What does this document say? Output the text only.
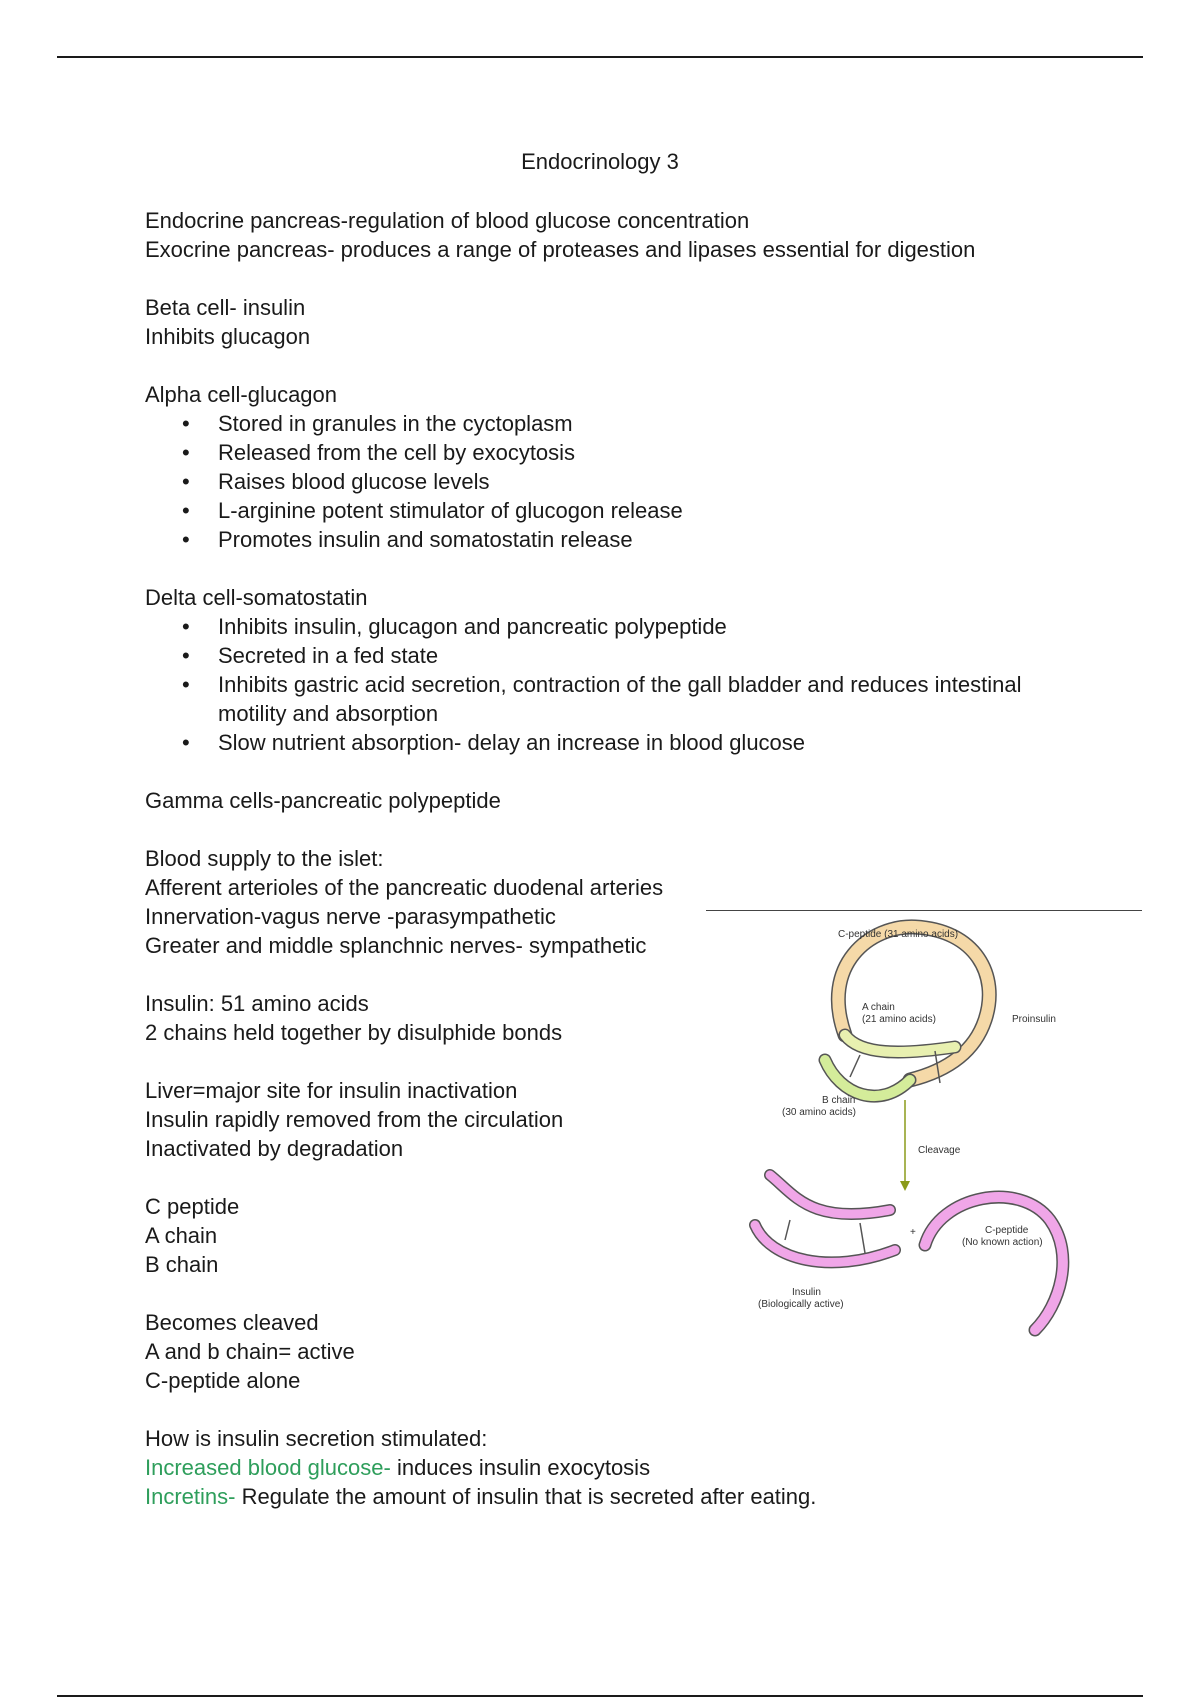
Endocrinology 3

Endocrine pancreas-regulation of blood glucose concentration

Exocrine pancreas- produces a range of proteases and lipases essential for digestion

Beta cell- insulin

Inhibits glucagon

Alpha cell-glucagon

• Stored in granules in the cyctoplasm
• Released from the cell by exocytosis
• Raises blood glucose levels
• L-arginine potent stimulator of glucogon release
• Promotes insulin and somatostatin release

Delta cell-somatostatin

• Inhibits insulin, glucagon and pancreatic polypeptide
• Secreted in a fed state
• Inhibits gastric acid secretion, contraction of the gall bladder and reduces intestinal motility and absorption
• Slow nutrient absorption- delay an increase in blood glucose

Gamma cells-pancreatic polypeptide

Blood supply to the islet:

Afferent arterioles of the pancreatic duodenal arteries

Innervation-vagus nerve -parasympathetic

Greater and middle splanchnic nerves- sympathetic

Insulin: 51 amino acids

2 chains held together by disulphide bonds

Liver=major site for insulin inactivation

Insulin rapidly removed from the circulation

Inactivated by degradation

C peptide

A chain

B chain

Becomes cleaved

A and b chain= active

C-peptide alone

How is insulin secretion stimulated:

Increased blood glucose- induces insulin exocytosis

Incretins- Regulate the amount of insulin that is secreted after eating.

C-peptide (31 amino acids)
A chain
(21 amino acids)	Proinsulin
B chain
(30 amino acids)
Cleavage
+
Insulin
(Biologically active)
C-peptide
(No known action)
